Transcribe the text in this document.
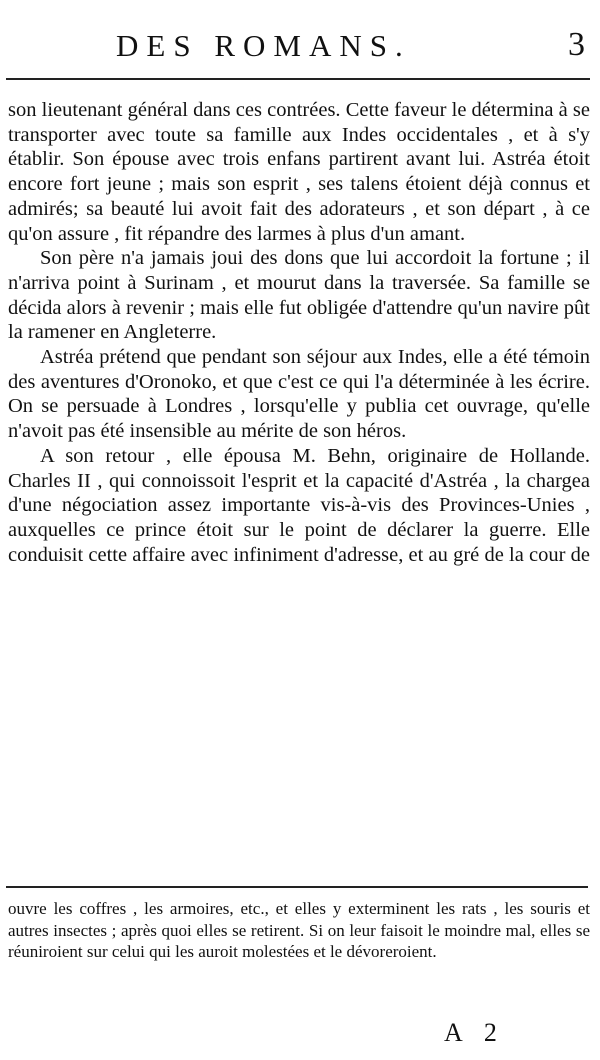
DES ROMANS.	3

son lieutenant général dans ces contrées. Cette faveur le détermina à se transporter avec toute sa famille aux Indes occidentales , et à s'y établir. Son épouse avec trois enfans partirent avant lui. Astréa étoit encore fort jeune ; mais son esprit , ses talens étoient déjà connus et admirés; sa beauté lui avoit fait des adorateurs , et son départ , à ce qu'on assure , fit répandre des larmes à plus d'un amant.

Son père n'a jamais joui des dons que lui accordoit la fortune ; il n'arriva point à Surinam , et mourut dans la traversée. Sa famille se décida alors à revenir ; mais elle fut obligée d'attendre qu'un navire pût la ramener en Angleterre.

Astréa prétend que pendant son séjour aux Indes, elle a été témoin des aventures d'Oronoko, et que c'est ce qui l'a déterminée à les écrire. On se persuade à Londres , lorsqu'elle y publia cet ouvrage, qu'elle n'avoit pas été insensible au mérite de son héros.

A son retour , elle épousa M. Behn, originaire de Hollande. Charles II , qui connoissoit l'esprit et la capacité d'Astréa , la chargea d'une négociation assez importante vis-à-vis des Provinces-Unies , auxquelles ce prince étoit sur le point de déclarer la guerre. Elle conduisit cette affaire avec infiniment d'adresse, et au gré de la cour de

ouvre les coffres , les armoires, etc., et elles y exterminent les rats , les souris et autres insectes ; après quoi elles se retirent. Si on leur faisoit le moindre mal, elles se réuniroient sur celui qui les auroit molestées et le dévoreroient.

A 2
